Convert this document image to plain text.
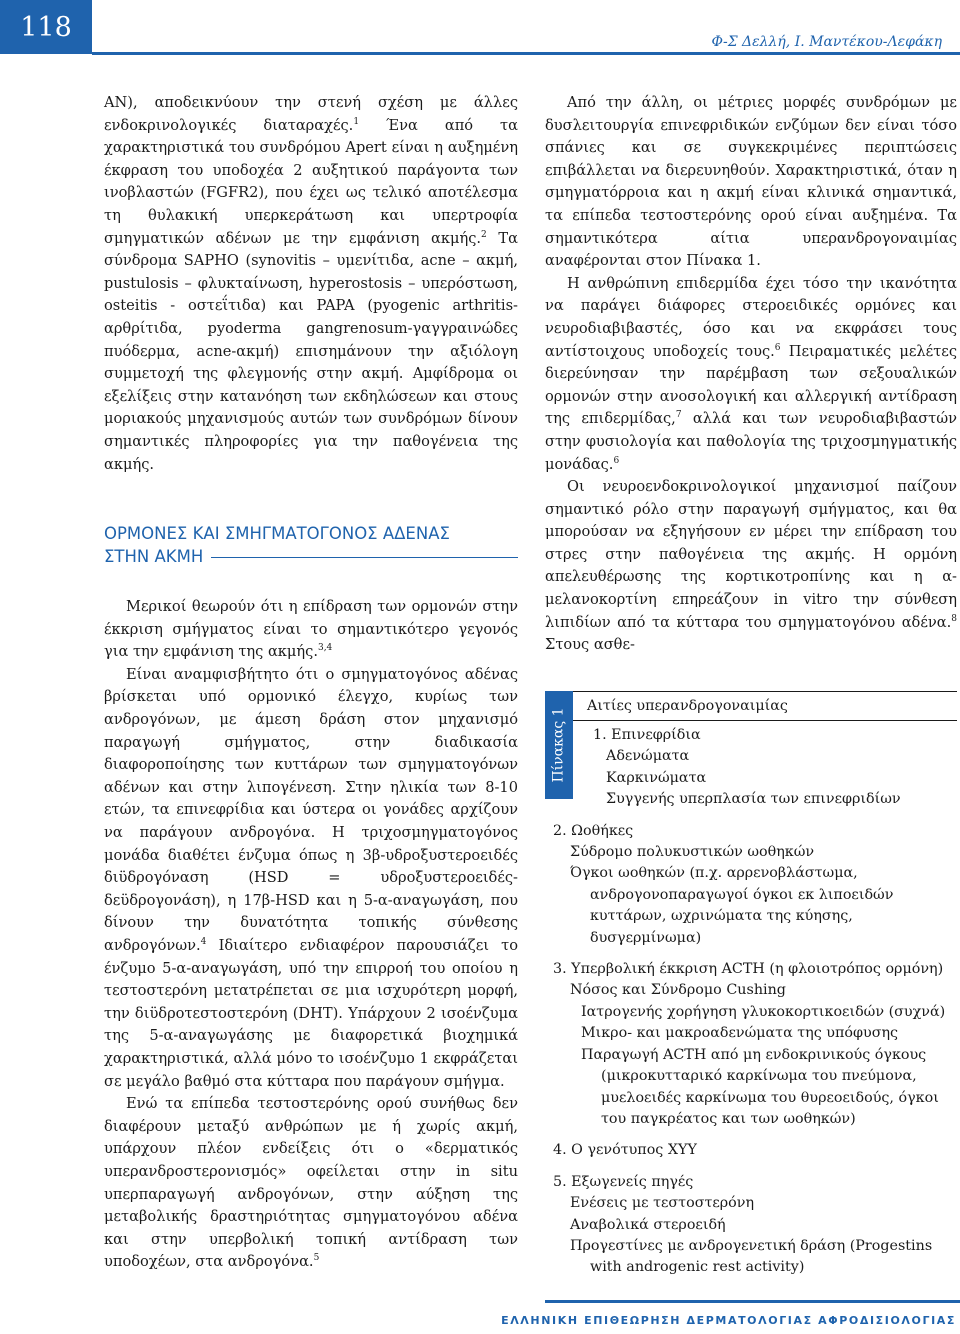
118	Φ-Σ Δελλή, Ι. Μαντέκου-Λεφάκη

ΑΝ), αποδεικνύουν την στενή σχέση με άλλες ενδοκρινολογικές διαταραχές.$^1$ Ένα από τα χαρακτηριστικά του συνδρόμου Apert είναι η αυξημένη έκφραση του υποδοχέα 2 αυξητικού παράγοντα των ινοβλαστών (FGFR2), που έχει ως τελικό αποτέλεσμα τη θυλακική υπερκεράτωση και υπερτροφία σμηγματικών αδένων με την εμφάνιση ακμής.$^2$ Τα σύνδρομα SAPHO (synovitis – υμενίτιδα, acne – ακμή, pustulosis – φλυκταίνωση, hyperostosis – υπερόστωση, osteitis - οστεΐτιδα) και PAPA (pyogenic arthritis- αρθρίτιδα, pyoderma gangrenosum-γαγγραινώδες πυόδερμα, acne-ακμή) επισημάνουν την αξιόλογη συμμετοχή της φλεγμονής στην ακμή. Αμφίδρομα οι εξελίξεις στην κατανόηση των εκδηλώσεων και στους μοριακούς μηχανισμούς αυτών των συνδρόμων δίνουν σημαντικές πληροφορίες για την παθογένεια της ακμής.

ΟΡΜΟΝΕΣ ΚΑΙ ΣΜΗΓΜΑΤΟΓΟΝΟΣ ΑΔΕΝΑΣ
ΣΤΗΝ ΑΚΜΗ

Μερικοί θεωρούν ότι η επίδραση των ορμονών στην έκκριση σμήγματος είναι το σημαντικότερο γεγονός για την εμφάνιση της ακμής.$^{3,4}$

Είναι αναμφισβήτητο ότι ο σμηγματογόνος αδένας βρίσκεται υπό ορμονικό έλεγχο, κυρίως των ανδρογόνων, με άμεση δράση στον μηχανισμό παραγωγή σμήγματος, στην διαδικασία διαφοροποίησης των κυττάρων των σμηγματογόνων αδένων και στην λιπογένεση. Στην ηλικία των 8-10 ετών, τα επινεφρίδια και ύστερα οι γονάδες αρχίζουν να παράγουν ανδρογόνα. Η τριχοσμηγματογόνος μονάδα διαθέτει ένζυμα όπως η 3β-υδροξυστεροειδές διϋδρογόναση (HSD = υδροξυστεροειδές-δεϋδρογονάση), η 17β-HSD και η 5-α-αναγωγάση, που δίνουν την δυνατότητα τοπικής σύνθεσης ανδρογόνων.$^4$ Ιδιαίτερο ενδιαφέρον παρουσιάζει το ένζυμο 5-α-αναγωγάση, υπό την επιρροή του οποίου η τεστοστερόνη μετατρέπεται σε μια ισχυρότερη μορφή, την διϋδροτεστοστερόνη (DHT). Υπάρχουν 2 ισοένζυμα της 5-α-αναγωγάσης με διαφορετικά βιοχημικά χαρακτηριστικά, αλλά μόνο το ισοένζυμο 1 εκφράζεται σε μεγάλο βαθμό στα κύτταρα που παράγουν σμήγμα.

Ενώ τα επίπεδα τεστοστερόνης ορού συνήθως δεν διαφέρουν μεταξύ ανθρώπων με ή χωρίς ακμή, υπάρχουν πλέον ενδείξεις ότι ο «δερματικός υπερανδροστερονισμός» οφείλεται στην in situ υπερπαραγωγή ανδρογόνων, στην αύξηση της μεταβολικής δραστηριότητας σμηγματογόνου αδένα και στην υπερβολική τοπική αντίδραση των υποδοχέων, στα ανδρογόνα.$^5$

Από την άλλη, οι μέτριες μορφές συνδρόμων με δυσλειτουργία επινεφριδικών ενζύμων δεν είναι τόσο σπάνιες και σε συγκεκριμένες περιπτώσεις επιβάλλεται να διερευνηθούν. Χαρακτηριστικά, όταν η σμηγματόρροια και η ακμή είναι κλινικά σημαντικά, τα επίπεδα τεστοστερόνης ορού είναι αυξημένα. Τα σημαντικότερα αίτια υπερανδρογοναιμίας αναφέρονται στον Πίνακα 1.

Η ανθρώπινη επιδερμίδα έχει τόσο την ικανότητα να παράγει διάφορες στεροειδικές ορμόνες και νευροδιαβιβαστές, όσο και να εκφράσει τους αντίστοιχους υποδοχείς τους.$^6$ Πειραματικές μελέτες διερεύνησαν την παρέμβαση των σεξουαλικών ορμονών στην ανοσολογική και αλλεργική αντίδραση της επιδερμίδας,$^7$ αλλά και των νευροδιαβιβαστών στην φυσιολογία και παθολογία της τριχοσμηγματικής μονάδας.$^6$

Οι νευροενδοκρινολογικοί μηχανισμοί παίζουν σημαντικό ρόλο στην παραγωγή σμήγματος, και θα μπορούσαν να εξηγήσουν εν μέρει την επίδραση του στρες στην παθογένεια της ακμής. Η ορμόνη απελευθέρωσης της κορτικοτροπίνης και η α-μελανοκορτίνη επηρεάζουν in vitro την σύνθεση λιπιδίων από τα κύτταρα του σμηγματογόνου αδένα.$^8$ Στους ασθε-

Πίνακας 1
Αιτίες υπερανδρογοναιμίας
1. Επινεφρίδια
Αδενώματα
Καρκινώματα
Συγγενής υπερπλασία των επινεφριδίων
2. Ωοθήκες
Σύδρομο πολυκυστικών ωοθηκών
Όγκοι ωοθηκών (π.χ. αρρενοβλάστωμα, ανδρογονοπαραγωγοί όγκοι εκ λιποειδών κυττάρων, ωχρινώματα της κύησης, δυσγερμίνωμα)
3. Υπερβολική έκκριση ACTH (η φλοιοτρόπος ορμόνη)
Νόσος και Σύνδρομο Cushing
Ιατρογενής χορήγηση γλυκοκορτικοειδών (συχνά)
Μικρο- και μακροαδενώματα της υπόφυσης
Παραγωγή ACTH από μη ενδοκρινικούς όγκους (μικροκυτταρικό καρκίνωμα του πνεύμονα, μυελοειδές καρκίνωμα του θυρεοειδούς, όγκοι του παγκρέατος και των ωοθηκών)
4. Ο γενότυπος XYY
5. Εξωγενείς πηγές
Ενέσεις με τεστοστερόνη
Αναβολικά στεροειδή
Προγεστίνες με ανδρογενετική δράση (Progestins with androgenic rest activity)
ΕΛΛΗΝΙΚΗ ΕΠΙΘΕΩΡΗΣΗ ΔΕΡΜΑΤΟΛΟΓΙΑΣ ΑΦΡΟΔΙΣΙΟΛΟΓΙΑΣ
